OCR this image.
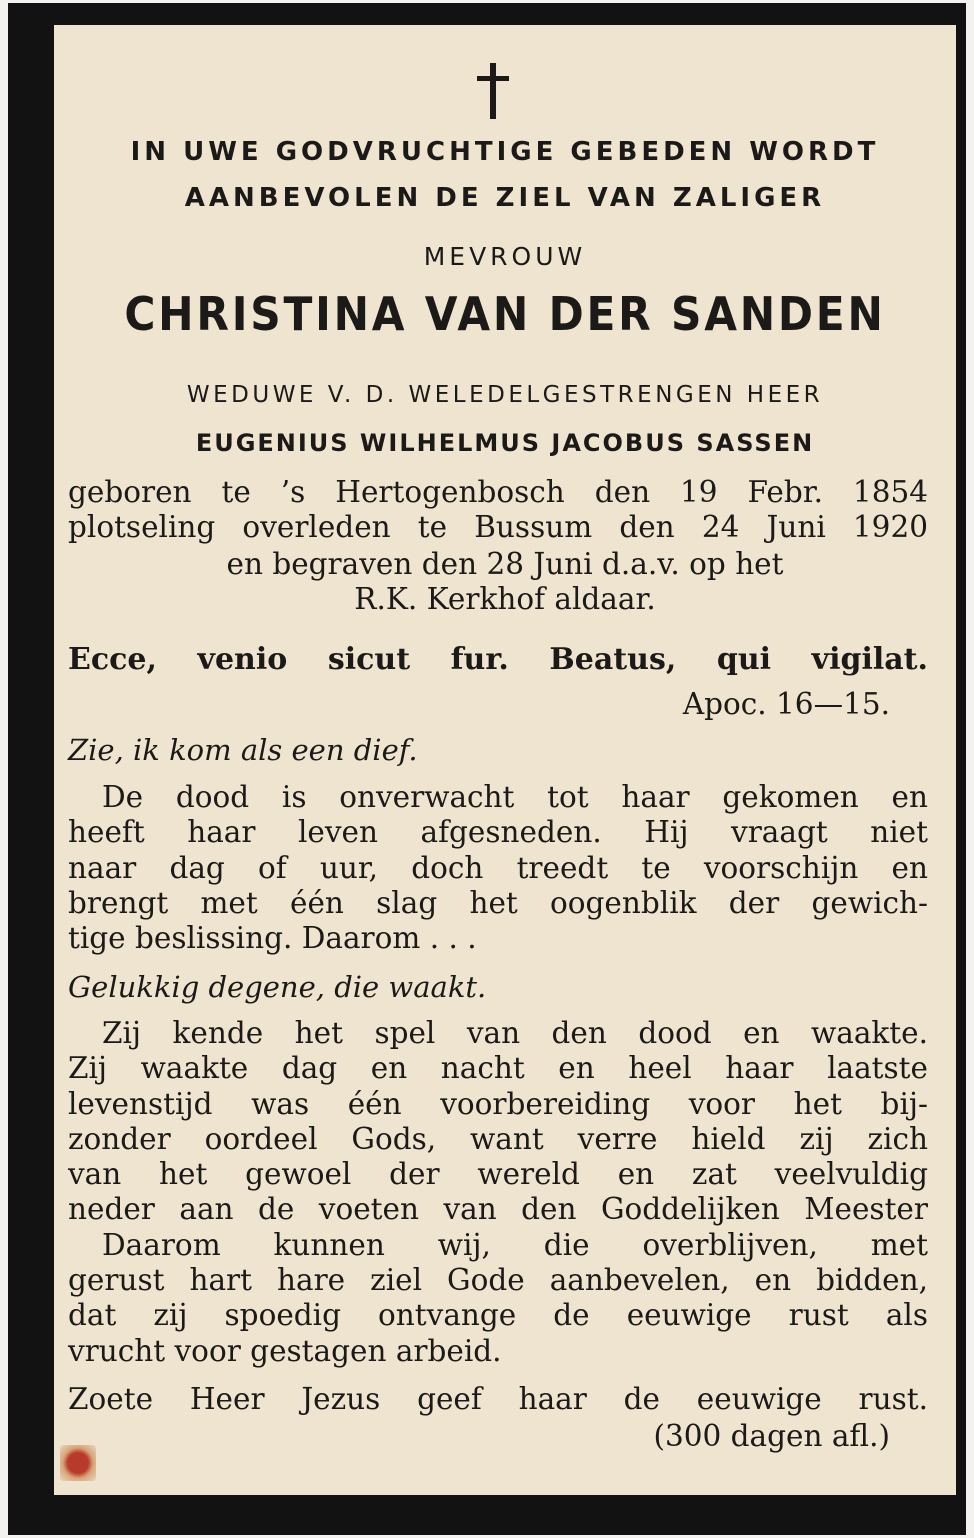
IN UWE GODVRUCHTIGE GEBEDEN WORDT
AANBEVOLEN DE ZIEL VAN ZALIGER
MEVROUW
CHRISTINA VAN DER SANDEN
WEDUWE V. D. WELEDELGESTRENGEN HEER
EUGENIUS WILHELMUS JACOBUS SASSEN
geboren te ’s Hertogenbosch den 19 Febr. 1854
plotseling overleden te Bussum den 24 Juni 1920
en begraven den 28 Juni d.a.v. op het
R.K. Kerkhof aldaar.
Ecce, venio sicut fur. Beatus, qui vigilat.
Apoc. 16—15.
Zie, ik kom als een dief.
De dood is onverwacht tot haar gekomen en
heeft haar leven afgesneden. Hij vraagt niet
naar dag of uur, doch treedt te voorschijn en
brengt met één slag het oogenblik der gewich-
tige beslissing. Daarom . . .
Gelukkig degene, die waakt.
Zij kende het spel van den dood en waakte.
Zij waakte dag en nacht en heel haar laatste
levenstijd was één voorbereiding voor het bij-
zonder oordeel Gods, want verre hield zij zich
van het gewoel der wereld en zat veelvuldig
neder aan de voeten van den Goddelijken Meester
Daarom kunnen wij, die overblijven, met
gerust hart hare ziel Gode aanbevelen, en bidden,
dat zij spoedig ontvange de eeuwige rust als
vrucht voor gestagen arbeid.
Zoete Heer Jezus geef haar de eeuwige rust.
(300 dagen afl.)
